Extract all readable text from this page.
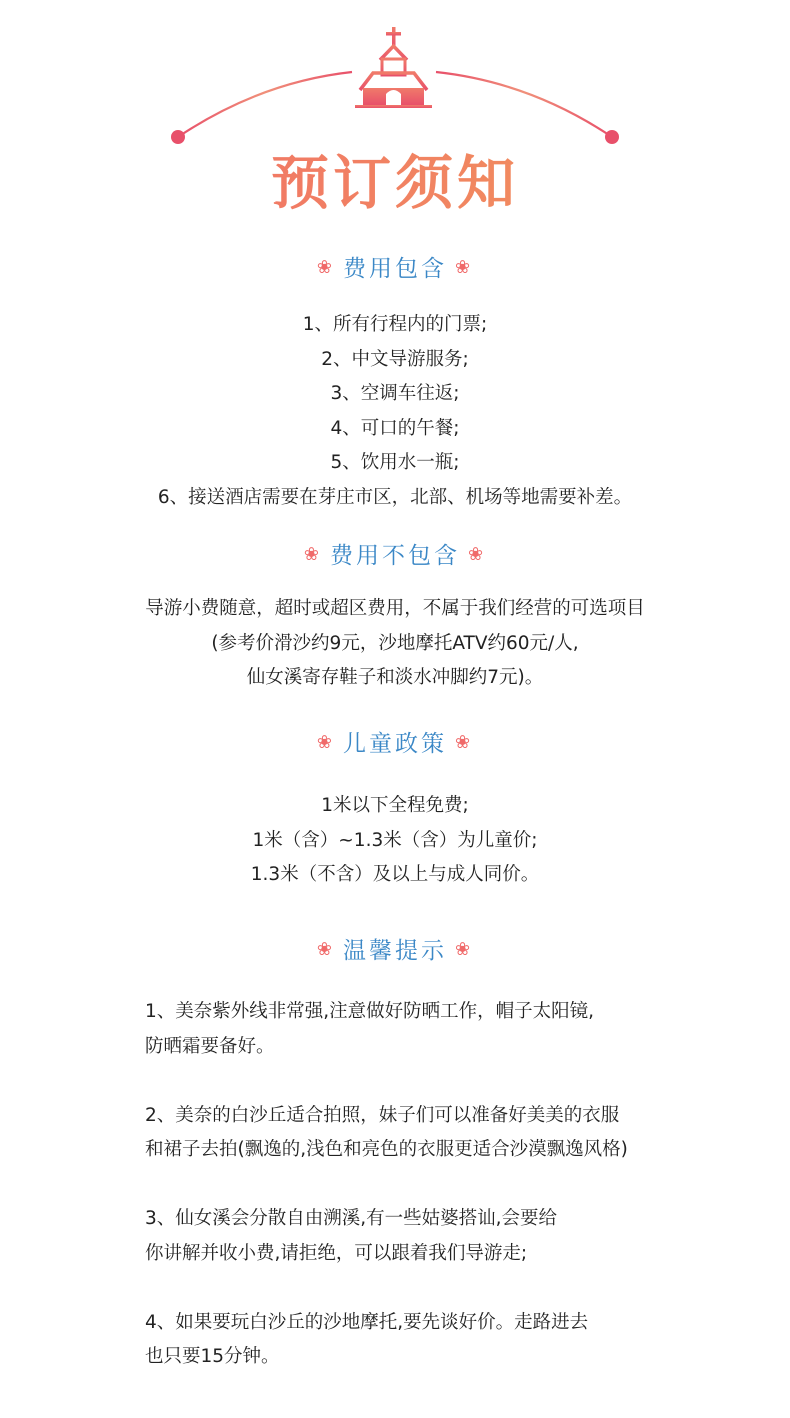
预订须知
❀ 费用包含 ❀
1、所有行程内的门票;
2、中文导游服务;
3、空调车往返;
4、可口的午餐;
5、饮用水一瓶;
6、接送酒店需要在芽庄市区，北部、机场等地需要补差。
❀ 费用不包含 ❀
导游小费随意，超时或超区费用，不属于我们经营的可选项目
(参考价滑沙约9元，沙地摩托ATV约60元/人,
仙女溪寄存鞋子和淡水冲脚约7元)。
❀ 儿童政策 ❀
1米以下全程免费;
1米（含）~1.3米（含）为儿童价;
1.3米（不含）及以上与成人同价。
❀ 温馨提示 ❀
1、美奈紫外线非常强,注意做好防晒工作，帽子太阳镜,
防晒霜要备好。
2、美奈的白沙丘适合拍照，妹子们可以准备好美美的衣服
和裙子去拍(飘逸的,浅色和亮色的衣服更适合沙漠飘逸风格)
3、仙女溪会分散自由溯溪,有一些姑婆搭讪,会要给
你讲解并收小费,请拒绝，可以跟着我们导游走;
4、如果要玩白沙丘的沙地摩托,要先谈好价。走路进去
也只要15分钟。
